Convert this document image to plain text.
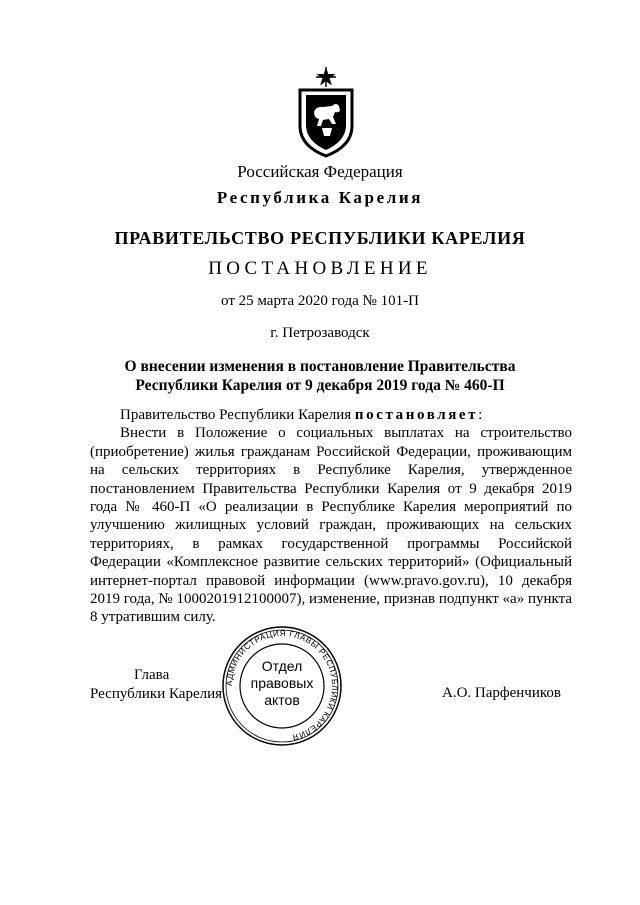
Российская Федерация
Республика Карелия
ПРАВИТЕЛЬСТВО РЕСПУБЛИКИ КАРЕЛИЯ
ПОСТАНОВЛЕНИЕ
от 25 марта 2020 года № 101-П
г. Петрозаводск
О внесении изменения в постановление Правительства
Республики Карелия от 9 декабря 2019 года № 460-П

Правительство Республики Карелия постановляет:

Внести в Положение о социальных выплатах на строительство (приобретение) жилья гражданам Российской Федерации, проживающим на сельских территориях в Республике Карелия, утвержденное постановлением Правительства Республики Карелия от 9 декабря 2019 года № 460-П «О реализации в Республике Карелия мероприятий по улучшению жилищных условий граждан, проживающих на сельских территориях, в рамках государственной программы Российской Федерации «Комплексное развитие сельских территорий» (Официальный интернет-портал правовой информации (www.pravo.gov.ru), 10 декабря 2019 года, № 1000201912100007), изменение, признав подпункт «а» пункта 8 утратившим силу.

Глава
Республики Карелия	А.О. Парфенчиков
АДМИНИСТРАЦИЯ ГЛАВЫ РЕСПУБЛИКИ КАРЕЛИЯ
Отдел
правовых
актов
